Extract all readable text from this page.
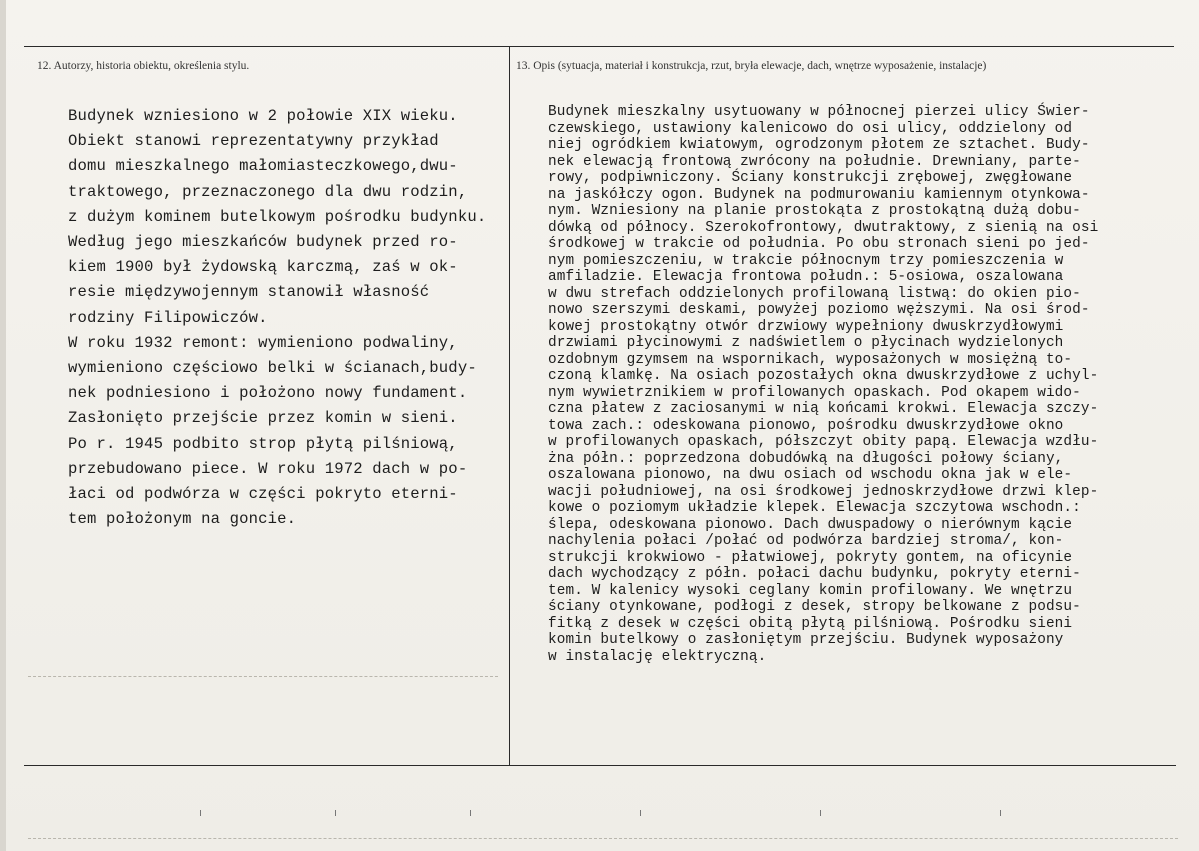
12. Autorzy, historia obiektu, określenia stylu.	13. Opis (sytuacja, materiał i konstrukcja, rzut, bryła elewacje, dach, wnętrze wyposażenie, instalacje)
Budynek wzniesiono w 2 połowie XIX wieku.
Obiekt stanowi reprezentatywny przykład
domu mieszkalnego małomiasteczkowego,dwu-
traktowego, przeznaczonego dla dwu rodzin,
z dużym kominem butelkowym pośrodku budynku.
Według jego mieszkańców budynek przed ro-
kiem 1900 był żydowską karczmą, zaś w ok-
resie międzywojennym stanowił własność
rodziny Filipowiczów.
W roku 1932 remont: wymieniono podwaliny,
wymieniono częściowo belki w ścianach,budy-
nek podniesiono i położono nowy fundament.
Zasłonięto przejście przez komin w sieni.
Po r. 1945 podbito strop płytą pilśniową,
przebudowano piece. W roku 1972 dach w po-
łaci od podwórza w części pokryto eterni-
tem położonym na goncie.
Budynek mieszkalny usytuowany w północnej pierzei ulicy Świer-
czewskiego, ustawiony kalenicowo do osi ulicy, oddzielony od
niej ogródkiem kwiatowym, ogrodzonym płotem ze sztachet. Budy-
nek elewacją frontową zwrócony na południe. Drewniany, parte-
rowy, podpiwniczony. Ściany konstrukcji zrębowej, zwęgłowane
na jaskółczy ogon. Budynek na podmurowaniu kamiennym otynkowa-
nym. Wzniesiony na planie prostokąta z prostokątną dużą dobu-
dówką od północy. Szerokofrontowy, dwutraktowy, z sienią na osi
środkowej w trakcie od południa. Po obu stronach sieni po jed-
nym pomieszczeniu, w trakcie północnym trzy pomieszczenia w
amfiladzie. Elewacja frontowa połudn.: 5-osiowa, oszalowana
w dwu strefach oddzielonych profilowaną listwą: do okien pio-
nowo szerszymi deskami, powyżej poziomo węższymi. Na osi środ-
kowej prostokątny otwór drzwiowy wypełniony dwuskrzydłowymi
drzwiami płycinowymi z nadświetlem o płycinach wydzielonych
ozdobnym gzymsem na wspornikach, wyposażonych w mosiężną to-
czoną klamkę. Na osiach pozostałych okna dwuskrzydłowe z uchyl-
nym wywietrznikiem w profilowanych opaskach. Pod okapem wido-
czna płatew z zaciosanymi w nią końcami krokwi. Elewacja szczy-
towa zach.: odeskowana pionowo, pośrodku dwuskrzydłowe okno
w profilowanych opaskach, półszczyt obity papą. Elewacja wzdłu-
żna półn.: poprzedzona dobudówką na długości połowy ściany,
oszalowana pionowo, na dwu osiach od wschodu okna jak w ele-
wacji południowej, na osi środkowej jednoskrzydłowe drzwi klep-
kowe o poziomym układzie klepek. Elewacja szczytowa wschodn.:
ślepa, odeskowana pionowo. Dach dwuspadowy o nierównym kącie
nachylenia połaci /połać od podwórza bardziej stroma/, kon-
strukcji krokwiowo - płatwiowej, pokryty gontem, na oficynie
dach wychodzący z półn. połaci dachu budynku, pokryty eterni-
tem. W kalenicy wysoki ceglany komin profilowany. We wnętrzu
ściany otynkowane, podłogi z desek, stropy belkowane z podsu-
fitką z desek w części obitą płytą pilśniową. Pośrodku sieni
komin butelkowy o zasłoniętym przejściu. Budynek wyposażony
w instalację elektryczną.
